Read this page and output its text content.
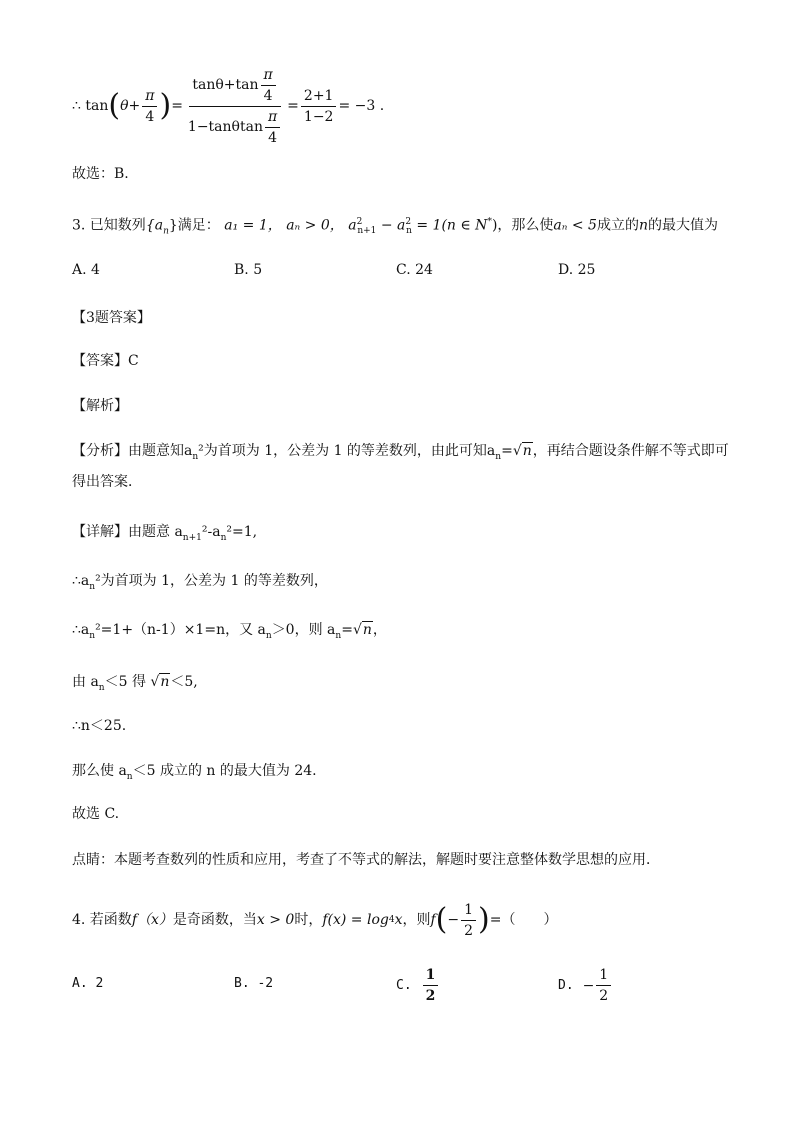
∴
tan ( $\theta + \frac{\pi}{4}$ ) = $\frac{\tan\theta+\tan \frac{\pi}{4}}{1-\tan\theta\tan \frac{\pi}{4}} = \frac{2+1}{1-2} = -3$ .
故选：B.
3. 已知数列$\{a_n\}$满足： a₁ = 1， aₙ > 0， $a^2_{n+1} - a^2_n = 1(n$ ∈ N*)，那么使aₙ < 5成立的n的最大值为
A. 4	B. 5	C. 24	D. 25
【3题答案】
【答案】C
【解析】
【分析】由题意知$a_n^2$为首项为 1，公差为 1 的等差数列，由此可知$a_n=√n$，再结合题设条件解不等式即可
得出答案．
【详解】由题意 $a_{n+1}^2-a_n^2=1$,
$\therefore a_n^2$为首项为 1，公差为 1 的等差数列，
$\therefore a_n^2=1+(n-1)\times 1=n$，又 $a_n>0$，则 $a_n=√n$，
由 $a_n<5$ 得 √n＜5,
∴n＜25.
那么使 $a_n<5$ 成立的 n 的最大值为 24.
故选 C.
点睛：本题考查数列的性质和应用，考查了不等式的解法，解题时要注意整体数学思想的应用．
4. 若函数 f（x） 是奇函数，当 x > 0 时， f(x) = log 4 x ，则 f ( − $\frac{1}{2}$ ) =（　　）
A. 2	B. -2	C.
$\frac{1}{2}$	D.
− $\frac{1}{2}$
